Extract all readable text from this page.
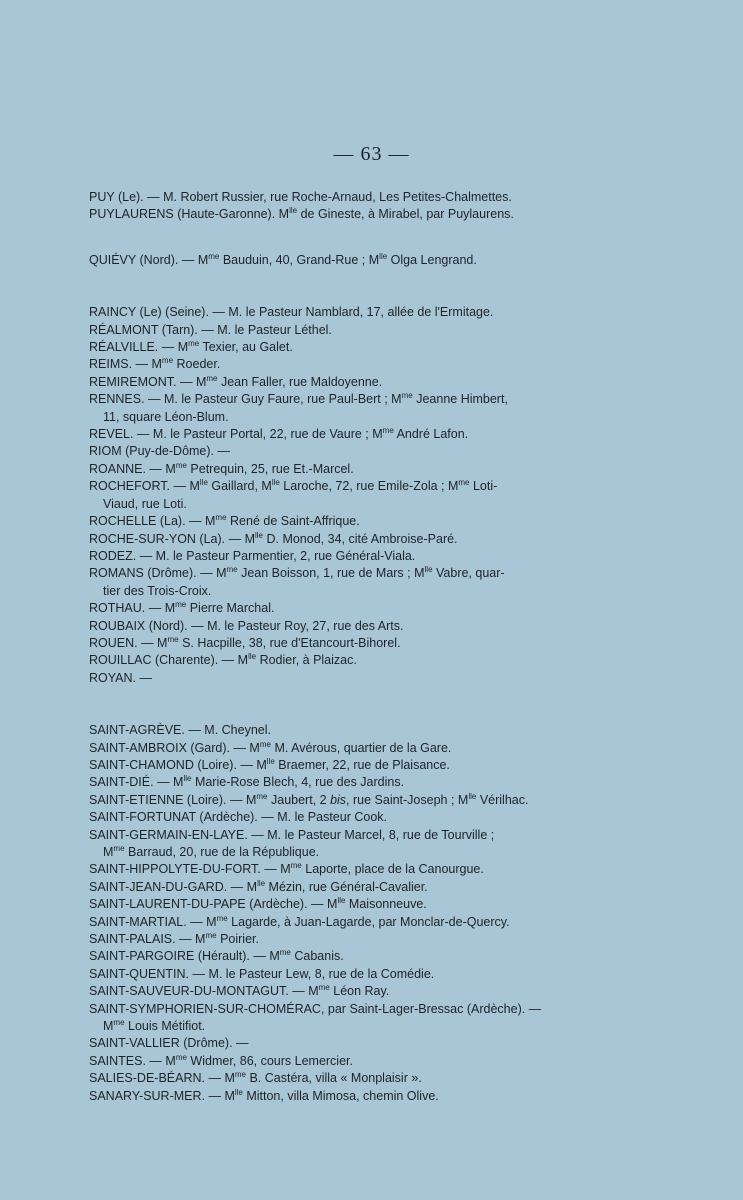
— 63 —

PUY (Le). — M. Robert Russier, rue Roche-Arnaud, Les Petites-Chalmettes.

PUYLAURENS (Haute-Garonne). $M^{lle}$ de Gineste, à Mirabel, par Puylaurens.

QUIÉVY (Nord). — $M^{me}$ Bauduin, 40, Grand-Rue ; $M^{lle}$ Olga Lengrand.

RAINCY (Le) (Seine). — M. le Pasteur Namblard, 17, allée de l'Ermitage.

RÉALMONT (Tarn). — M. le Pasteur Léthel.

RÉALVILLE. — $M^{me}$ Texier, au Galet.

REIMS. — $M^{me}$ Roeder.

REMIREMONT. — $M^{me}$ Jean Faller, rue Maldoyenne.

RENNES. — M. le Pasteur Guy Faure, rue Paul-Bert ; $M^{me}$ Jeanne Himbert,
11, square Léon-Blum.

REVEL. — M. le Pasteur Portal, 22, rue de Vaure ; $M^{me}$ André Lafon.

RIOM (Puy-de-Dôme). —

ROANNE. — $M^{me}$ Petrequin, 25, rue Et.-Marcel.

ROCHEFORT. — $M^{lle}$ Gaillard, $M^{lle}$ Laroche, 72, rue Emile-Zola ; $M^{me}$ Loti-
Viaud, rue Loti.

ROCHELLE (La). — $M^{me}$ René de Saint-Affrique.

ROCHE-SUR-YON (La). — $M^{lle}$ D. Monod, 34, cité Ambroise-Paré.

RODEZ. — M. le Pasteur Parmentier, 2, rue Général-Viala.

ROMANS (Drôme). — $M^{me}$ Jean Boisson, 1, rue de Mars ; $M^{lle}$ Vabre, quar-
tier des Trois-Croix.

ROTHAU. — $M^{me}$ Pierre Marchal.

ROUBAIX (Nord). — M. le Pasteur Roy, 27, rue des Arts.

ROUEN. — $M^{me}$ S. Hacpille, 38, rue d'Etancourt-Bihorel.

ROUILLAC (Charente). — $M^{lle}$ Rodier, à Plaizac.

ROYAN. —

SAINT-AGRÈVE. — M. Cheynel.

SAINT-AMBROIX (Gard). — $M^{me}$ M. Avérous, quartier de la Gare.

SAINT-CHAMOND (Loire). — $M^{lle}$ Braemer, 22, rue de Plaisance.

SAINT-DIÉ. — $M^{lle}$ Marie-Rose Blech, 4, rue des Jardins.

SAINT-ETIENNE (Loire). — $M^{me}$ Jaubert, 2 bis, rue Saint-Joseph ; $M^{lle}$ Vérilhac.

SAINT-FORTUNAT (Ardèche). — M. le Pasteur Cook.

SAINT-GERMAIN-EN-LAYE. — M. le Pasteur Marcel, 8, rue de Tourville ;
$M^{me}$ Barraud, 20, rue de la République.

SAINT-HIPPOLYTE-DU-FORT. — $M^{me}$ Laporte, place de la Canourgue.

SAINT-JEAN-DU-GARD. — $M^{lle}$ Mézin, rue Général-Cavalier.

SAINT-LAURENT-DU-PAPE (Ardèche). — $M^{lle}$ Maisonneuve.

SAINT-MARTIAL. — $M^{me}$ Lagarde, à Juan-Lagarde, par Monclar-de-Quercy.

SAINT-PALAIS. — $M^{me}$ Poirier.

SAINT-PARGOIRE (Hérault). — $M^{me}$ Cabanis.

SAINT-QUENTIN. — M. le Pasteur Lew, 8, rue de la Comédie.

SAINT-SAUVEUR-DU-MONTAGUT. — $M^{me}$ Léon Ray.

SAINT-SYMPHORIEN-SUR-CHOMÉRAC, par Saint-Lager-Bressac (Ardèche). —
$M^{me}$ Louis Métifiot.

SAINT-VALLIER (Drôme). —

SAINTES. — $M^{me}$ Widmer, 86, cours Lemercier.

SALIES-DE-BÉARN. — $M^{me}$ B. Castéra, villa « Monplaisir ».

SANARY-SUR-MER. — $M^{lle}$ Mitton, villa Mimosa, chemin Olive.
